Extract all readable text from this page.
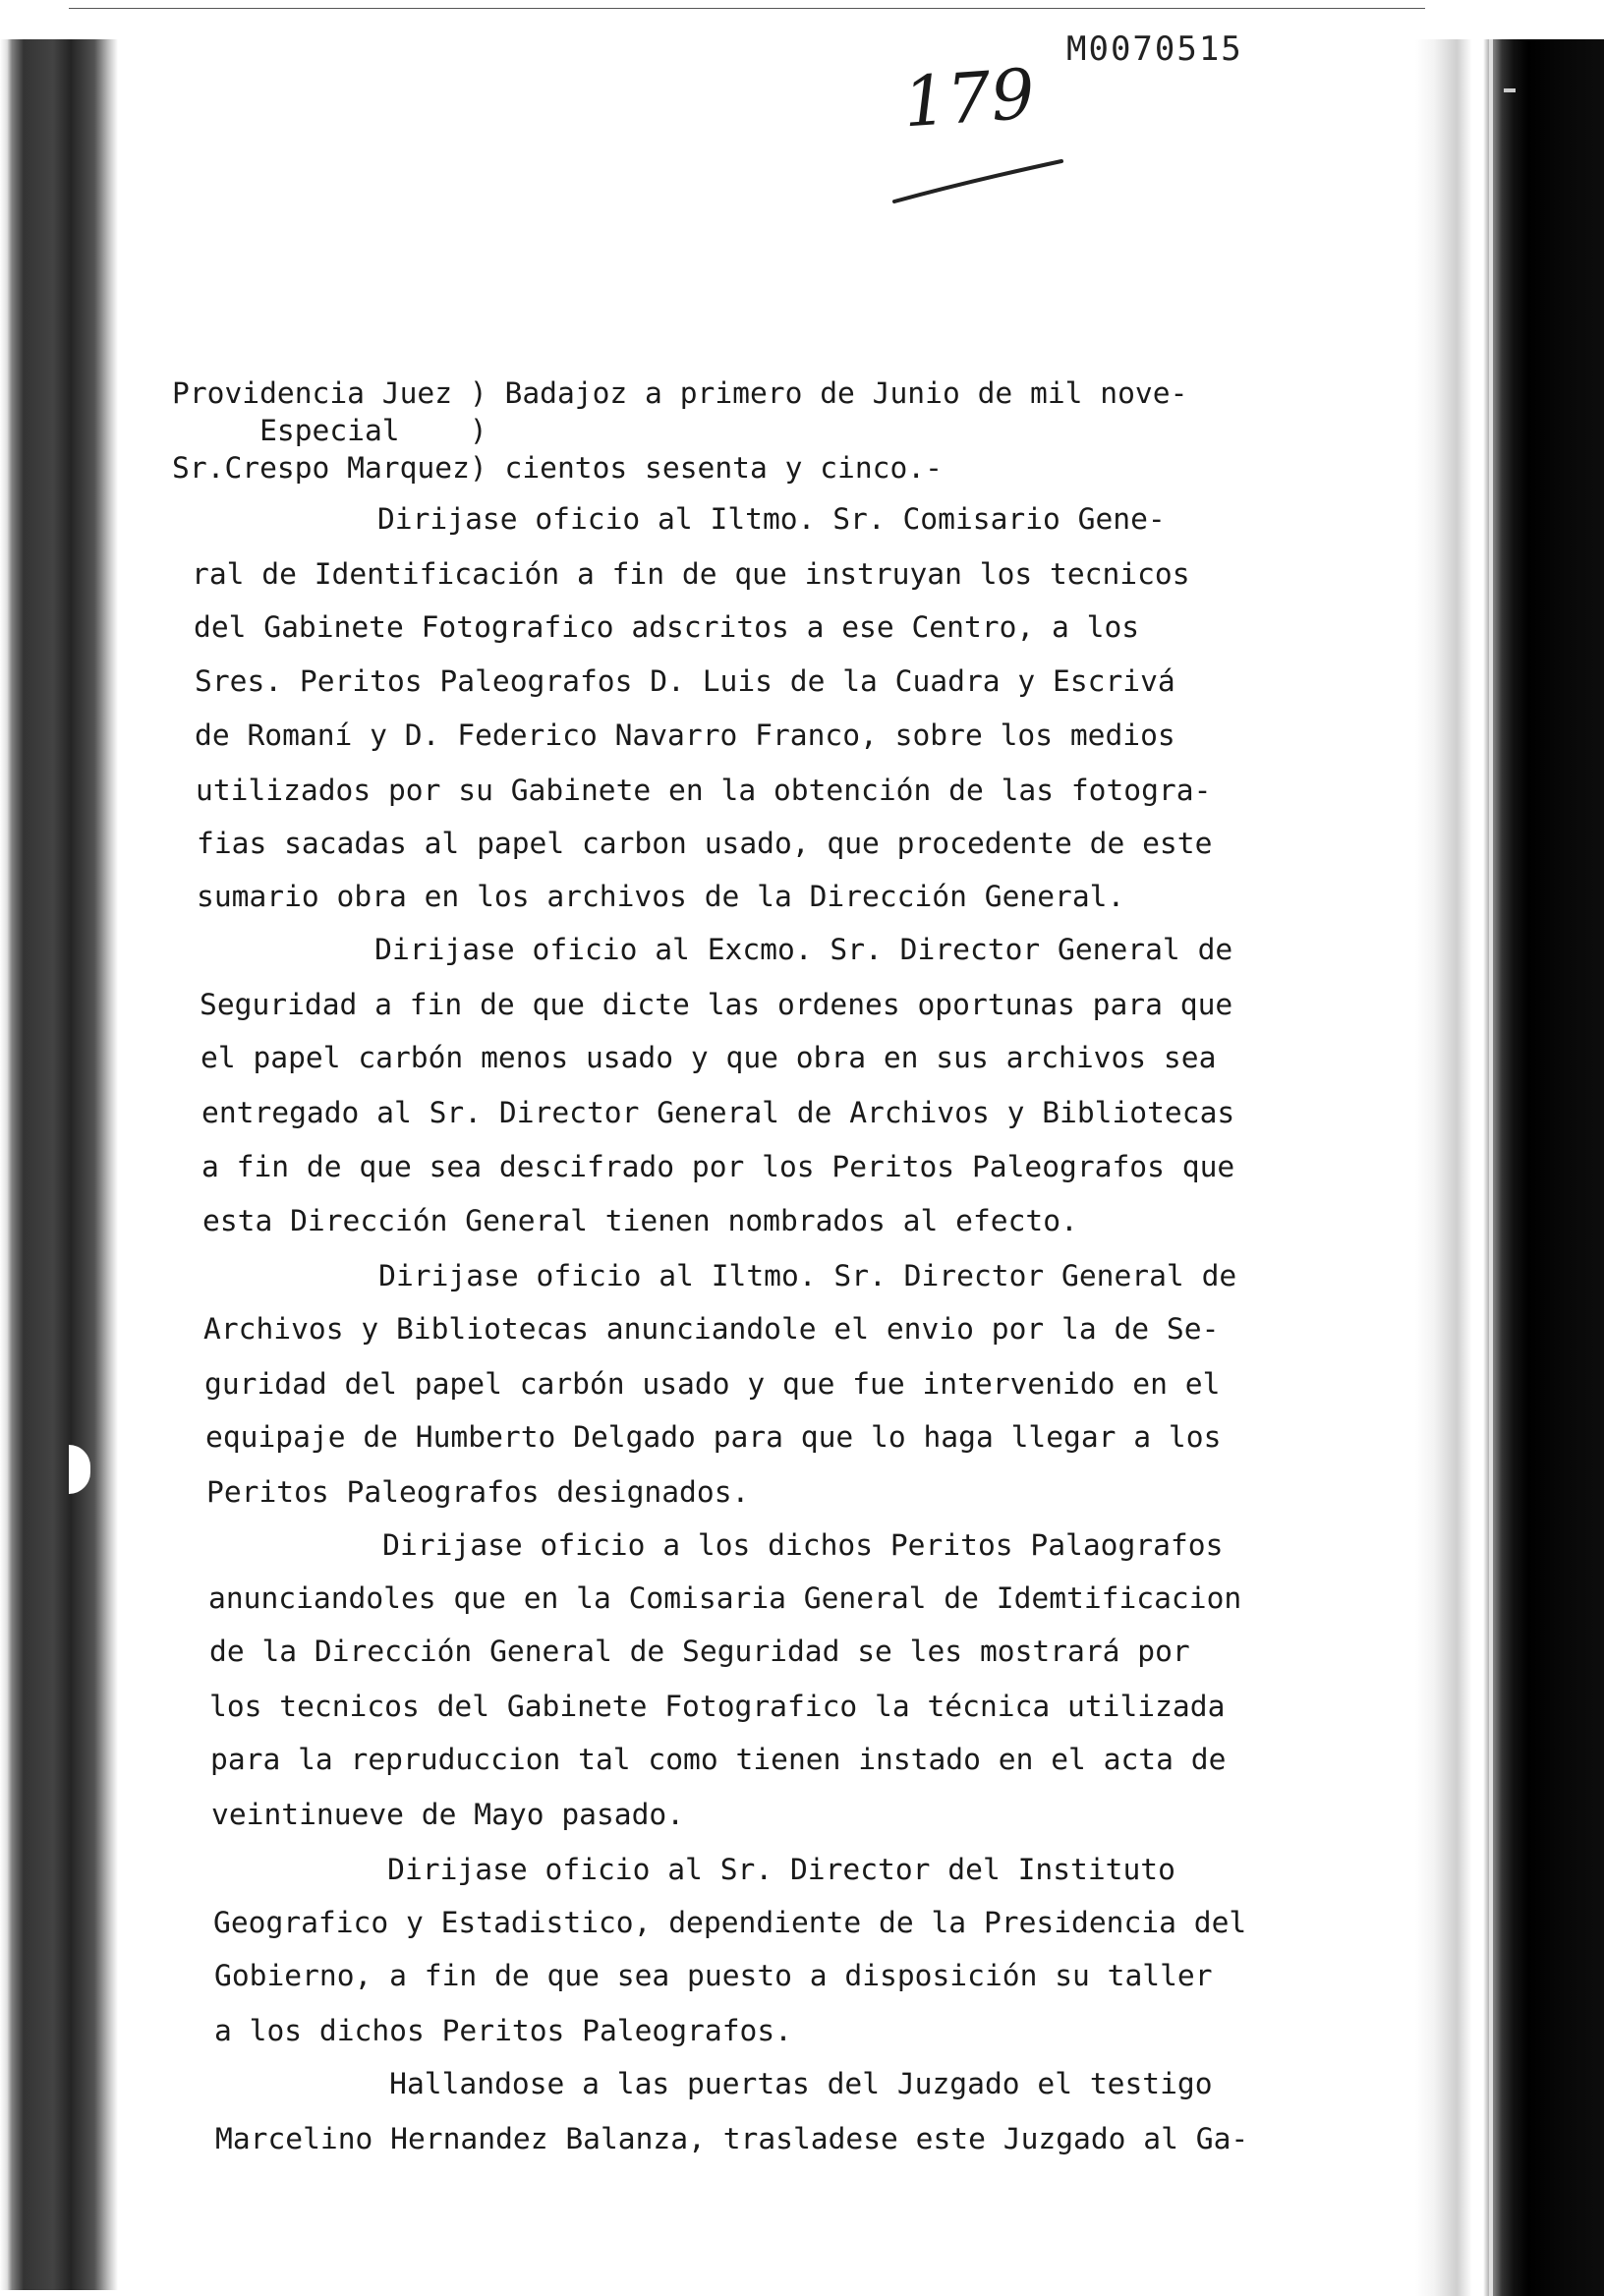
M0070515
179
Providencia Juez ) Badajoz a primero de Junio de mil nove-
Especial    )
Sr.Crespo Marquez) cientos sesenta y cinco.-
Dirijase oficio al Iltmo. Sr. Comisario Gene-
ral de Identificación a fin de que instruyan los tecnicos
del Gabinete Fotografico adscritos a ese Centro, a los
Sres. Peritos Paleografos D. Luis de la Cuadra y Escrivá
de Romaní y D. Federico Navarro Franco, sobre los medios
utilizados por su Gabinete en la obtención de las fotogra-
fias sacadas al papel carbon usado, que procedente de este
sumario obra en los archivos de la Dirección General.
Dirijase oficio al Excmo. Sr. Director General de
Seguridad a fin de que dicte las ordenes oportunas para que
el papel carbón menos usado y que obra en sus archivos sea
entregado al Sr. Director General de Archivos y Bibliotecas
a fin de que sea descifrado por los Peritos Paleografos que
esta Dirección General tienen nombrados al efecto.
Dirijase oficio al Iltmo. Sr. Director General de
Archivos y Bibliotecas anunciandole el envio por la de Se-
guridad del papel carbón usado y que fue intervenido en el
equipaje de Humberto Delgado para que lo haga llegar a los
Peritos Paleografos designados.
Dirijase oficio a los dichos Peritos Palaografos
anunciandoles que en la Comisaria General de Idemtificacion
de la Dirección General de Seguridad se les mostrará por
los tecnicos del Gabinete Fotografico la técnica utilizada
para la repruduccion tal como tienen instado en el acta de
veintinueve de Mayo pasado.
Dirijase oficio al Sr. Director del Instituto
Geografico y Estadistico, dependiente de la Presidencia del
Gobierno, a fin de que sea puesto a disposición su taller
a los dichos Peritos Paleografos.
Hallandose a las puertas del Juzgado el testigo
Marcelino Hernandez Balanza, trasladese este Juzgado al Ga-
